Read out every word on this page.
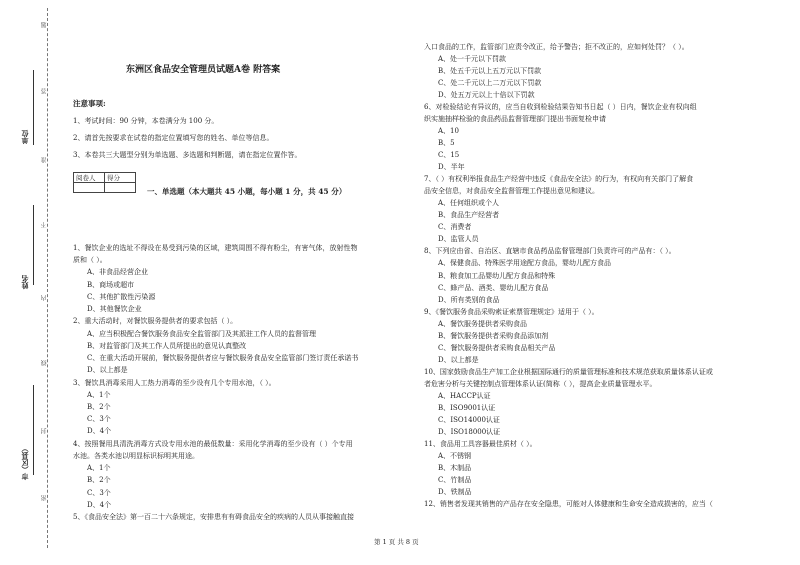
单位
姓名
市（区县）
题
答
准
不
内
线
封
密
东洲区食品安全管理员试题A卷 附答案
注意事项:
1、考试时间：90 分钟，本卷满分为 100 分。
2、请首先按要求在试卷的指定位置填写您的姓名、单位等信息。
3、本卷共三大题型分别为单选题、多选题和判断题，请在指定位置作答。
阅卷人	得分

一、单选题（本大题共 45 小题，每小题 1 分，共 45 分）
1、餐饮企业的选址不得设在易受到污染的区域，建筑周围不得有粉尘，有害气体，放射性物
质和（ ）。
A、非食品经营企业
B、商场或超市
C、其他扩散性污染源
D、其他餐饮企业
2、重大活动时，对餐饮服务提供者的要求包括（ ）。
A、应当积极配合餐饮服务食品安全监管部门及其派驻工作人员的监督管理
B、对监管部门及其工作人员所提出的意见认真整改
C、在重大活动开展前，餐饮服务提供者应与餐饮服务食品安全监管部门签订责任承诺书
D、以上都是
3、餐饮具消毒采用人工热力消毒的至少设有几个专用水池，（ ）。
A、1个
B、2个
C、3个
D、4个
4、按照餐用具清洗消毒方式设专用水池的最低数量：采用化学消毒的至少设有（ ）个专用
水池。各类水池以明显标识标明其用途。
A、1个
B、2个
C、3个
D、4个
5、《食品安全法》第一百二十六条规定，安排患有有碍食品安全的疾病的人员从事接触直接
入口食品的工作，监管部门应责令改正，给予警告；拒不改正的，应如何处罚？（ ）。
A、处一千元以下罚款
B、处五千元以上五万元以下罚款
C、处二千元以上二万元以下罚款
D、处五万元以上十倍以下罚款
6、对检验结论有异议的，应当自收到检验结果告知书日起（ ）日内，餐饮企业有权向组
织实施抽样检验的食品药品监督管理部门提出书面复检申请
A、10
B、5
C、15
D、半年
7、（ ）有权利举报食品生产经营中违反《食品安全法》的行为，有权向有关部门了解食
品安全信息，对食品安全监督管理工作提出意见和建议。
A、任何组织或个人
B、食品生产经营者
C、消费者
D、监管人员
8、下列应由省、自治区、直辖市食品药品监督管理部门负责许可的产品有：（ ）。
A、保健食品、特殊医学用途配方食品，婴幼儿配方食品
B、粮食加工品婴幼儿配方食品和特殊
C、蜂产品、酒类、婴幼儿配方食品
D、所有类别的食品
9、《餐饮服务食品采购索证索票管理规定》适用于（ ）。
A、餐饮服务提供者采购食品
B、餐饮服务提供者采购食品添加剂
C、餐饮服务提供者采购食品相关产品
D、以上都是
10、国家鼓励食品生产加工企业根据国际通行的质量管理标准和技术规范获取质量体系认证或
者危害分析与关键控制点管理体系认证(简称（ ），提高企业质量管理水平。
A、HACCP认证
B、ISO9001认证
C、ISO14000认证
D、ISO18000认证
11、食品用工具容器最佳质材（ ）。
A、不锈钢
B、木制品
C、竹制品
D、铁制品
12、销售者发现其销售的产品存在安全隐患，可能对人体健康和生命安全造成损害的，应当（
第 1 页 共 8 页
